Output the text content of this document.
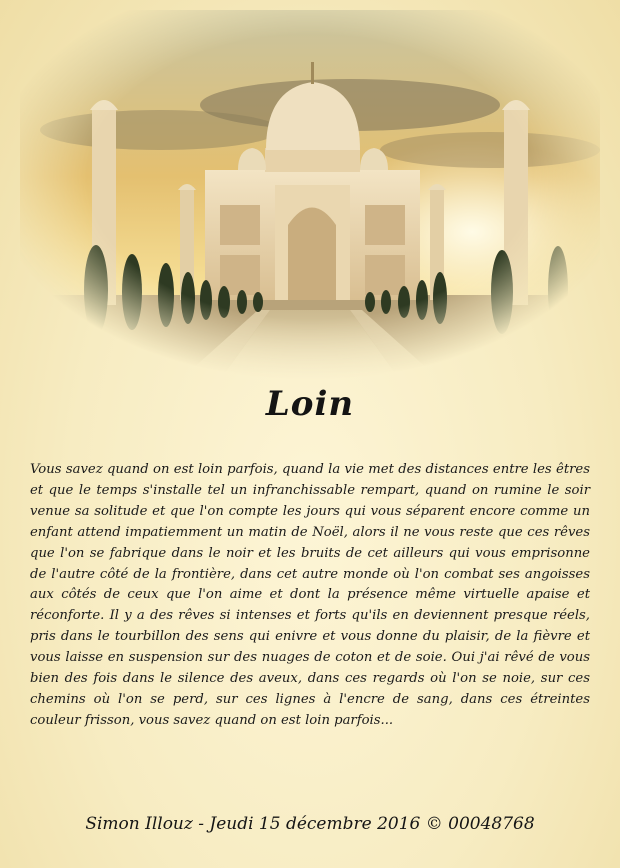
Loin
Vous savez quand on est loin parfois, quand la vie met des distances entre les êtres et que le temps s'installe tel un infranchissable rempart, quand on rumine le soir venue sa solitude et que l'on compte les jours qui vous séparent encore comme un enfant attend impatiemment un matin de Noël, alors il ne vous reste que ces rêves que l'on se fabrique dans le noir et les bruits de cet ailleurs qui vous emprisonne de l'autre côté de la frontière, dans cet autre monde où l'on combat ses angoisses aux côtés de ceux que l'on aime et dont la présence même virtuelle apaise et réconforte. Il y a des rêves si intenses et forts qu'ils en deviennent presque réels, pris dans le tourbillon des sens qui enivre et vous donne du plaisir, de la fièvre et vous laisse en suspension sur des nuages de coton et de soie. Oui j'ai rêvé de vous bien des fois dans le silence des aveux, dans ces regards où l'on se noie, sur ces chemins où l'on se perd, sur ces lignes à l'encre de sang, dans ces étreintes couleur frisson, vous savez quand on est loin parfois...
Simon Illouz - Jeudi 15 décembre 2016 © 00048768
